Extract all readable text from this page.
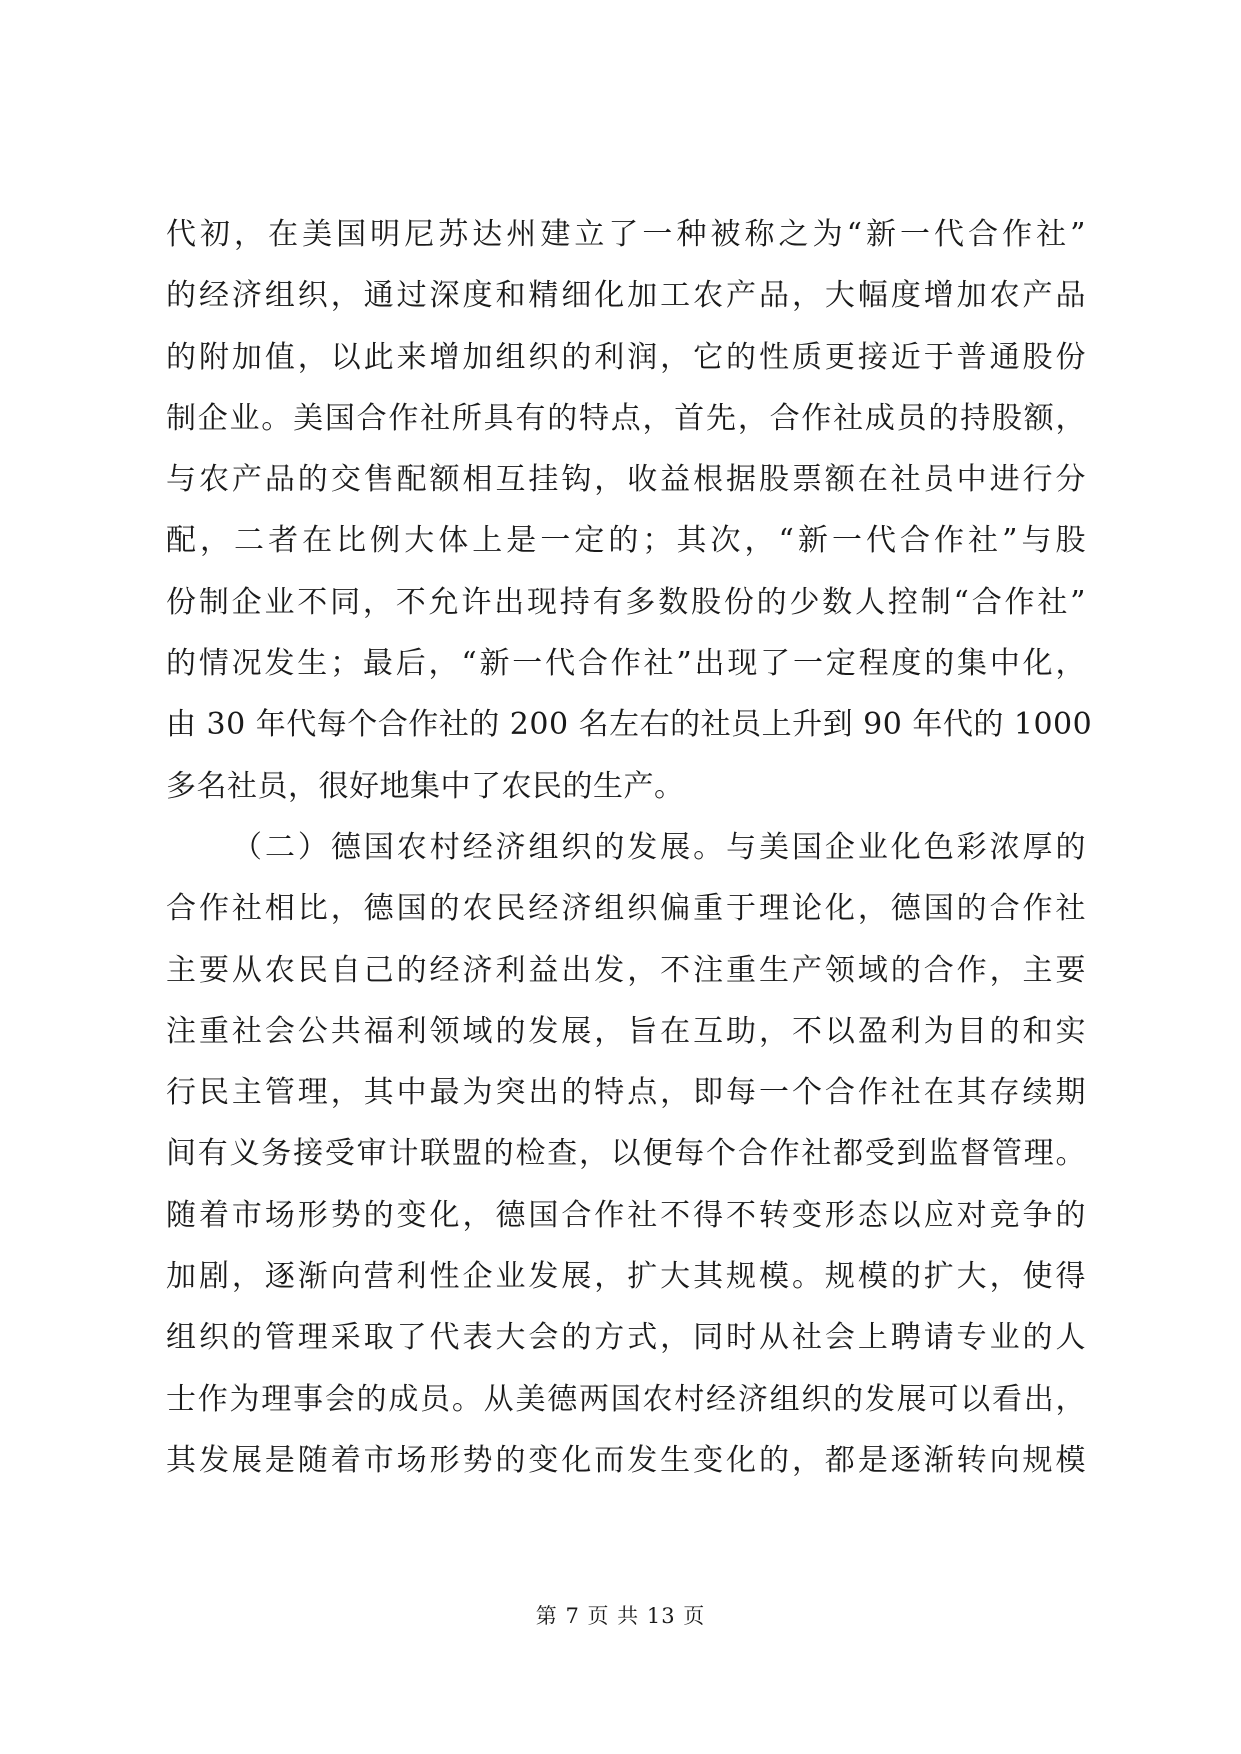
代初，在美国明尼苏达州建立了一种被称之为“新一代合作社”
的经济组织，通过深度和精细化加工农产品，大幅度增加农产品
的附加值，以此来增加组织的利润，它的性质更接近于普通股份
制企业。美国合作社所具有的特点，首先，合作社成员的持股额，
与农产品的交售配额相互挂钩，收益根据股票额在社员中进行分
配，二者在比例大体上是一定的；其次，“新一代合作社”与股
份制企业不同，不允许出现持有多数股份的少数人控制“合作社”
的情况发生；最后，“新一代合作社”出现了一定程度的集中化，
由 30 年代每个合作社的 200 名左右的社员上升到 90 年代的 1000
多名社员，很好地集中了农民的生产。
（二）德国农村经济组织的发展。与美国企业化色彩浓厚的
合作社相比，德国的农民经济组织偏重于理论化，德国的合作社
主要从农民自己的经济利益出发，不注重生产领域的合作，主要
注重社会公共福利领域的发展，旨在互助，不以盈利为目的和实
行民主管理，其中最为突出的特点，即每一个合作社在其存续期
间有义务接受审计联盟的检查，以便每个合作社都受到监督管理。
随着市场形势的变化，德国合作社不得不转变形态以应对竞争的
加剧，逐渐向营利性企业发展，扩大其规模。规模的扩大，使得
组织的管理采取了代表大会的方式，同时从社会上聘请专业的人
士作为理事会的成员。从美德两国农村经济组织的发展可以看出，
其发展是随着市场形势的变化而发生变化的，都是逐渐转向规模
第 7 页 共 13 页
